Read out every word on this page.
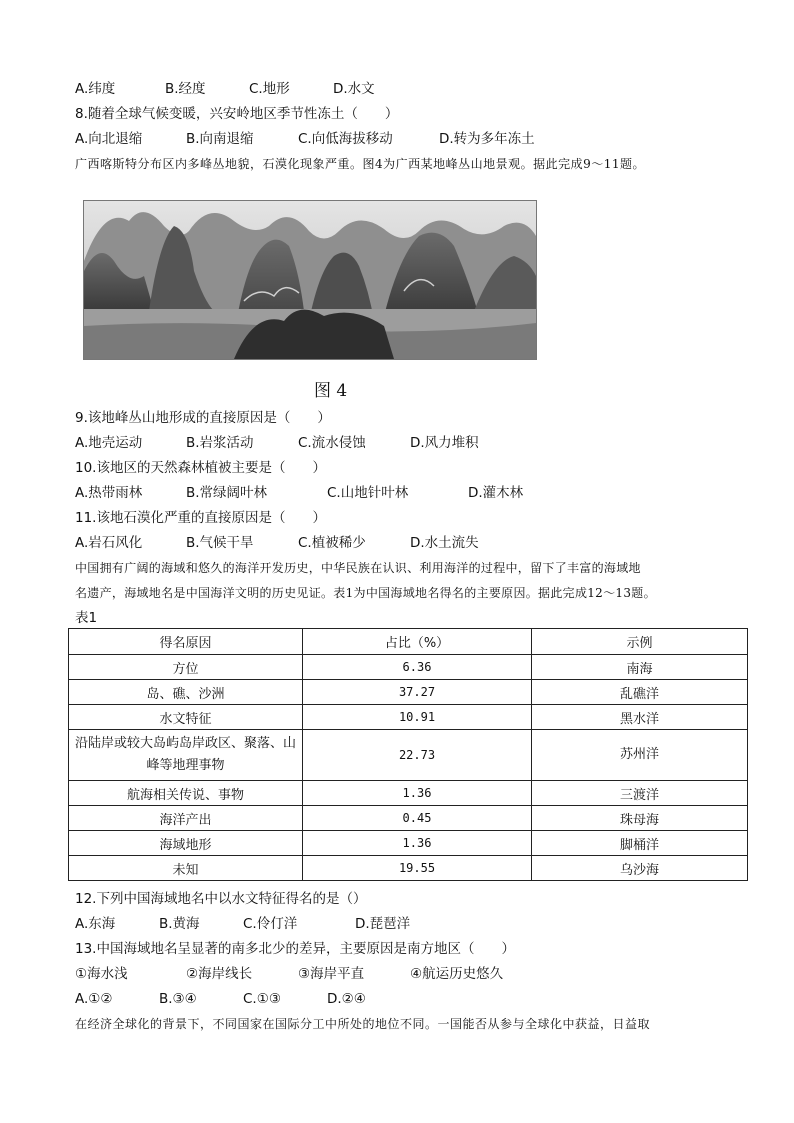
A.纬度	B.经度	C.地形	D.水文
8.随着全球气候变暖，兴安岭地区季节性冻土（　　）
A.向北退缩	B.向南退缩	C.向低海拔移动	D.转为多年冻土
广西喀斯特分布区内多峰丛地貌，石漠化现象严重。图4为广西某地峰丛山地景观。据此完成9～11题。
图 4
9.该地峰丛山地形成的直接原因是（　　）
A.地壳运动	B.岩浆活动	C.流水侵蚀	D.风力堆积
10.该地区的天然森林植被主要是（　　）
A.热带雨林	B.常绿阔叶林	C.山地针叶林	D.灌木林
11.该地石漠化严重的直接原因是（　　）
A.岩石风化	B.气候干旱	C.植被稀少	D.水土流失
中国拥有广阔的海域和悠久的海洋开发历史，中华民族在认识、利用海洋的过程中，留下了丰富的海域地
名遗产，海域地名是中国海洋文明的历史见证。表1为中国海域地名得名的主要原因。据此完成12～13题。
表1
得名原因	占比（%）	示例
方位	6.36	南海
岛、礁、沙洲	37.27	乱礁洋
水文特征	10.91	黑水洋
沿陆岸或较大岛屿岛岸政区、聚落、山峰等地理事物	22.73	苏州洋
航海相关传说、事物	1.36	三渡洋
海洋产出	0.45	珠母海
海域地形	1.36	脚桶洋
未知	19.55	乌沙海
12.下列中国海域地名中以水文特征得名的是（）
A.东海	B.黄海	C.伶仃洋	D.琵琶洋
13.中国海域地名呈显著的南多北少的差异，主要原因是南方地区（　　）
①海水浅	②海岸线长	③海岸平直	④航运历史悠久
A.①②	B.③④	C.①③	D.②④
在经济全球化的背景下，不同国家在国际分工中所处的地位不同。一国能否从参与全球化中获益，日益取
